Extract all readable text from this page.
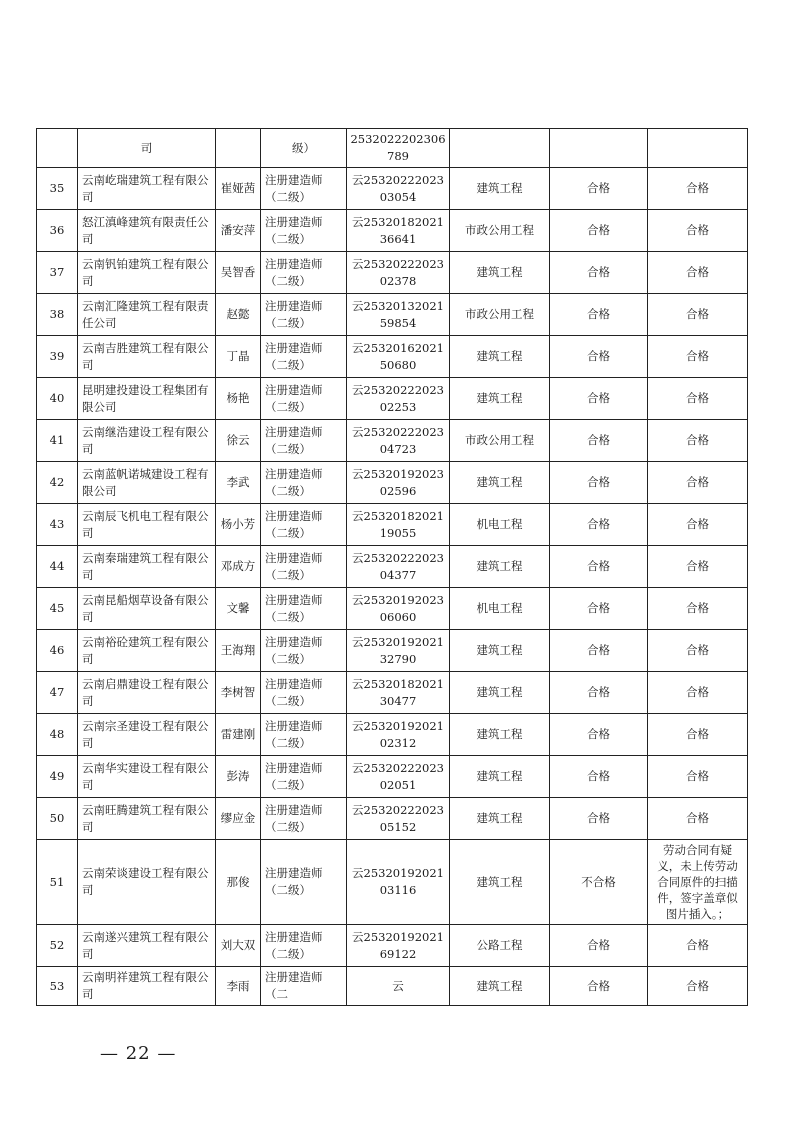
	司		级）	2532022202306789			
35	云南屹瑞建筑工程有限公司	崔娅茜	注册建造师（二级）	云2532022202303054	建筑工程	合格	合格
36	怒江滇峰建筑有限责任公司	潘安萍	注册建造师（二级）	云2532018202136641	市政公用工程	合格	合格
37	云南钒铂建筑工程有限公司	吴智香	注册建造师（二级）	云2532022202302378	建筑工程	合格	合格
38	云南汇隆建筑工程有限责任公司	赵懿	注册建造师（二级）	云2532013202159854	市政公用工程	合格	合格
39	云南吉胜建筑工程有限公司	丁晶	注册建造师（二级）	云2532016202150680	建筑工程	合格	合格
40	昆明建投建设工程集团有限公司	杨艳	注册建造师（二级）	云2532022202302253	建筑工程	合格	合格
41	云南继浩建设工程有限公司	徐云	注册建造师（二级）	云2532022202304723	市政公用工程	合格	合格
42	云南蓝帆诺城建设工程有限公司	李武	注册建造师（二级）	云2532019202302596	建筑工程	合格	合格
43	云南辰飞机电工程有限公司	杨小芳	注册建造师（二级）	云2532018202119055	机电工程	合格	合格
44	云南秦瑞建筑工程有限公司	邓成方	注册建造师（二级）	云2532022202304377	建筑工程	合格	合格
45	云南昆船烟草设备有限公司	文馨	注册建造师（二级）	云2532019202306060	机电工程	合格	合格
46	云南裕砼建筑工程有限公司	王海翔	注册建造师（二级）	云2532019202132790	建筑工程	合格	合格
47	云南启鼎建设工程有限公司	李树智	注册建造师（二级）	云2532018202130477	建筑工程	合格	合格
48	云南宗圣建设工程有限公司	雷建刚	注册建造师（二级）	云2532019202102312	建筑工程	合格	合格
49	云南华实建设工程有限公司	彭涛	注册建造师（二级）	云2532022202302051	建筑工程	合格	合格
50	云南旺腾建筑工程有限公司	缪应金	注册建造师（二级）	云2532022202305152	建筑工程	合格	合格
51	云南荣谈建设工程有限公司	那俊	注册建造师（二级）	云2532019202103116	建筑工程	不合格	劳动合同有疑义，未上传劳动合同原件的扫描件，签字盖章似图片插入。；
52	云南遂兴建筑工程有限公司	刘大双	注册建造师（二级）	云2532019202169122	公路工程	合格	合格
53	云南明祥建筑工程有限公司	李雨	注册建造师（二	云	建筑工程	合格	合格
— 22 —
